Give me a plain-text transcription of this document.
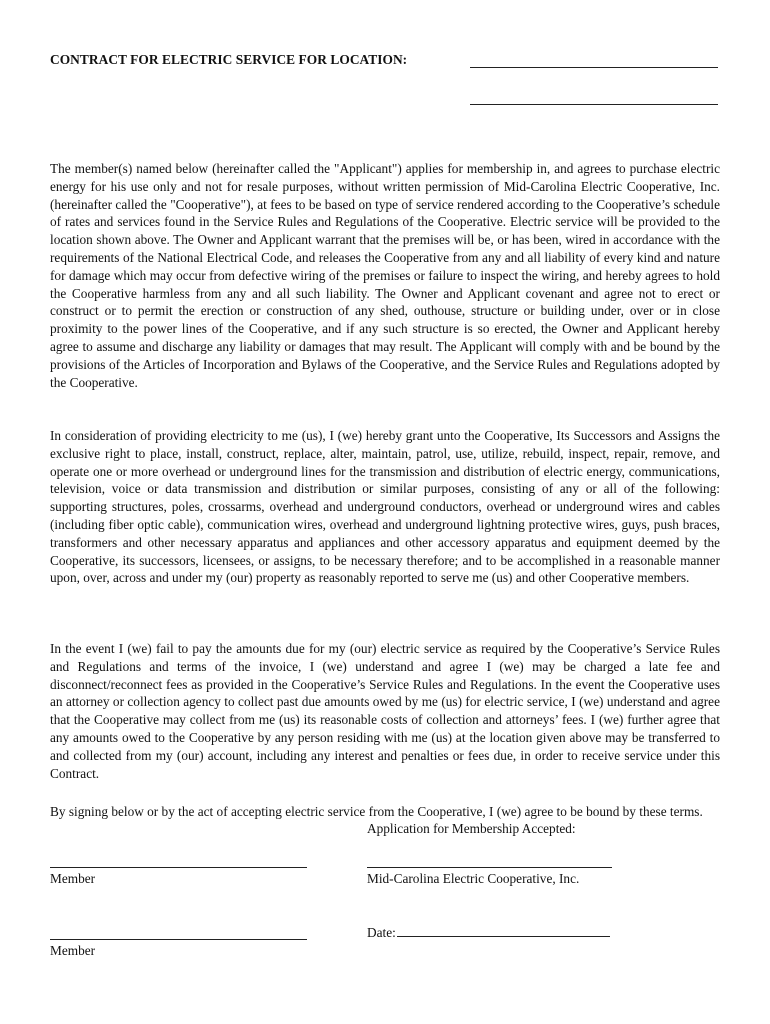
CONTRACT FOR ELECTRIC SERVICE FOR LOCATION:

The member(s) named below (hereinafter called the "Applicant") applies for membership in, and agrees to purchase electric energy for his use only and not for resale purposes, without written permission of Mid-Carolina Electric Cooperative, Inc. (hereinafter called the "Cooperative"), at fees to be based on type of service rendered according to the Cooperative’s schedule of rates and services found in the Service Rules and Regulations of the Cooperative. Electric service will be provided to the location shown above. The Owner and Applicant warrant that the premises will be, or has been, wired in accordance with the requirements of the National Electrical Code, and releases the Cooperative from any and all liability of every kind and nature for damage which may occur from defective wiring of the premises or failure to inspect the wiring, and hereby agrees to hold the Cooperative harmless from any and all such liability. The Owner and Applicant covenant and agree not to erect or construct or to permit the erection or construction of any shed, outhouse, structure or building under, over or in close proximity to the power lines of the Cooperative, and if any such structure is so erected, the Owner and Applicant hereby agree to assume and discharge any liability or damages that may result. The Applicant will comply with and be bound by the provisions of the Articles of Incorporation and Bylaws of the Cooperative, and the Service Rules and Regulations adopted by the Cooperative.

In consideration of providing electricity to me (us), I (we) hereby grant unto the Cooperative, Its Successors and Assigns the exclusive right to place, install, construct, replace, alter, maintain, patrol, use, utilize, rebuild, inspect, repair, remove, and operate one or more overhead or underground lines for the transmission and distribution of electric energy, communications, television, voice or data transmission and distribution or similar purposes, consisting of any or all of the following: supporting structures, poles, crossarms, overhead and underground conductors, overhead or underground wires and cables (including fiber optic cable), communication wires, overhead and underground lightning protective wires, guys, push braces, transformers and other necessary apparatus and appliances and other accessory apparatus and equipment deemed by the Cooperative, its successors, licensees, or assigns, to be necessary therefore; and to be accomplished in a reasonable manner upon, over, across and under my (our) property as reasonably reported to serve me (us) and other Cooperative members.

In the event I (we) fail to pay the amounts due for my (our) electric service as required by the Cooperative’s Service Rules and Regulations and terms of the invoice, I (we) understand and agree I (we) may be charged a late fee and disconnect/reconnect fees as provided in the Cooperative’s Service Rules and Regulations. In the event the Cooperative uses an attorney or collection agency to collect past due amounts owed by me (us) for electric service, I (we) understand and agree that the Cooperative may collect from me (us) its reasonable costs of collection and attorneys’ fees. I (we) further agree that any amounts owed to the Cooperative by any person residing with me (us) at the location given above may be transferred to and collected from my (our) account, including any interest and penalties or fees due, in order to receive service under this Contract.

By signing below or by the act of accepting electric service from the Cooperative, I (we) agree to be bound by these terms.

Application for Membership Accepted:
Member	Mid-Carolina Electric Cooperative, Inc.
Date:
Member
